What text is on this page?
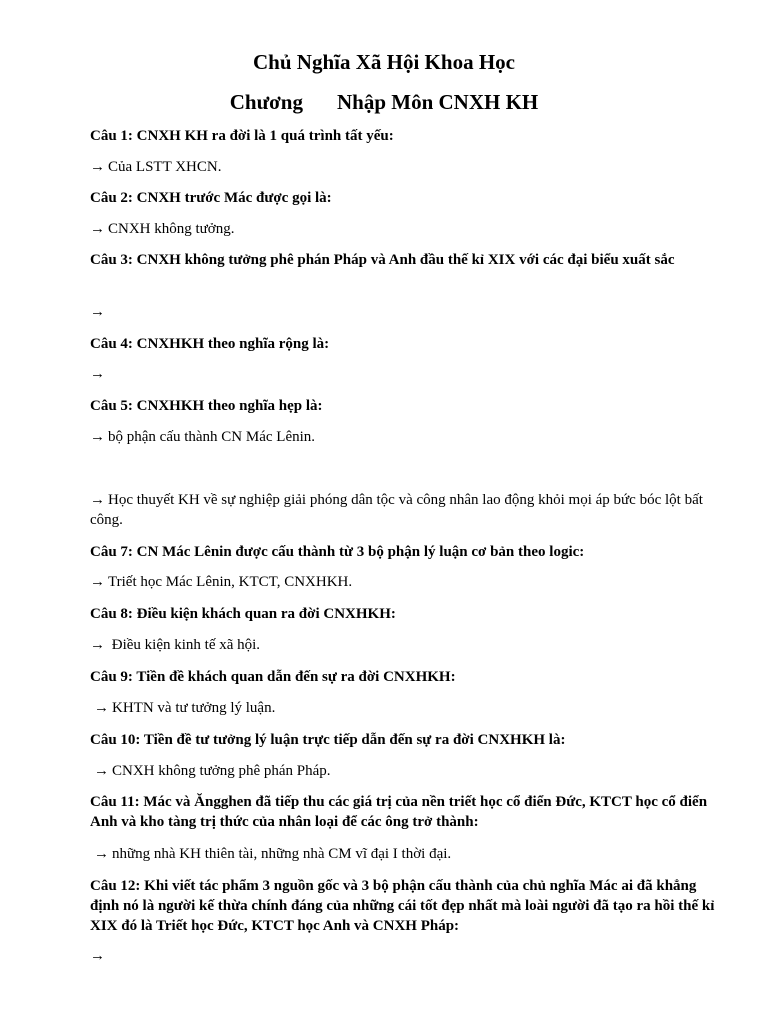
Chủ Nghĩa Xã Hội Khoa Học
Chương Nhập Môn CNXH KH
Câu 1: CNXH KH ra đời là 1 quá trình tất yếu:
→ Của LSTT XHCN.
Câu 2: CNXH trước Mác được gọi là:
→ CNXH không tưởng.
Câu 3: CNXH không tưởng phê phán Pháp và Anh đầu thế kỉ XIX với các đại biểu xuất sắc
→
Câu 4: CNXHKH theo nghĩa rộng là:
→
Câu 5: CNXHKH theo nghĩa hẹp là:
→ bộ phận cấu thành CN Mác Lênin.
→ Học thuyết KH về sự nghiệp giải phóng dân tộc và công nhân lao động khỏi mọi áp bức bóc lột bất công.
Câu 7: CN Mác Lênin được cấu thành từ 3 bộ phận lý luận cơ bản theo logic:
→ Triết học Mác Lênin, KTCT, CNXHKH.
Câu 8: Điều kiện khách quan ra đời CNXHKH:
→ Điều kiện kinh tế xã hội.
Câu 9: Tiền đề khách quan dẫn đến sự ra đời CNXHKH:
→ KHTN và tư tưởng lý luận.
Câu 10: Tiền đề tư tưởng lý luận trực tiếp dẫn đến sự ra đời CNXHKH là:
→ CNXH không tưởng phê phán Pháp.
Câu 11: Mác và Ăngghen đã tiếp thu các giá trị của nền triết học cổ điển Đức, KTCT học cổ điển Anh và kho tàng trị thức của nhân loại để các ông trở thành:
→ những nhà KH thiên tài, những nhà CM vĩ đại I thời đại.
Câu 12: Khi viết tác phẩm 3 nguồn gốc và 3 bộ phận cấu thành của chủ nghĩa Mác ai đã khẳng định nó là người kế thừa chính đáng của những cái tốt đẹp nhất mà loài người đã tạo ra hồi thế kỉ XIX đó là Triết học Đức, KTCT học Anh và CNXH Pháp:
→
